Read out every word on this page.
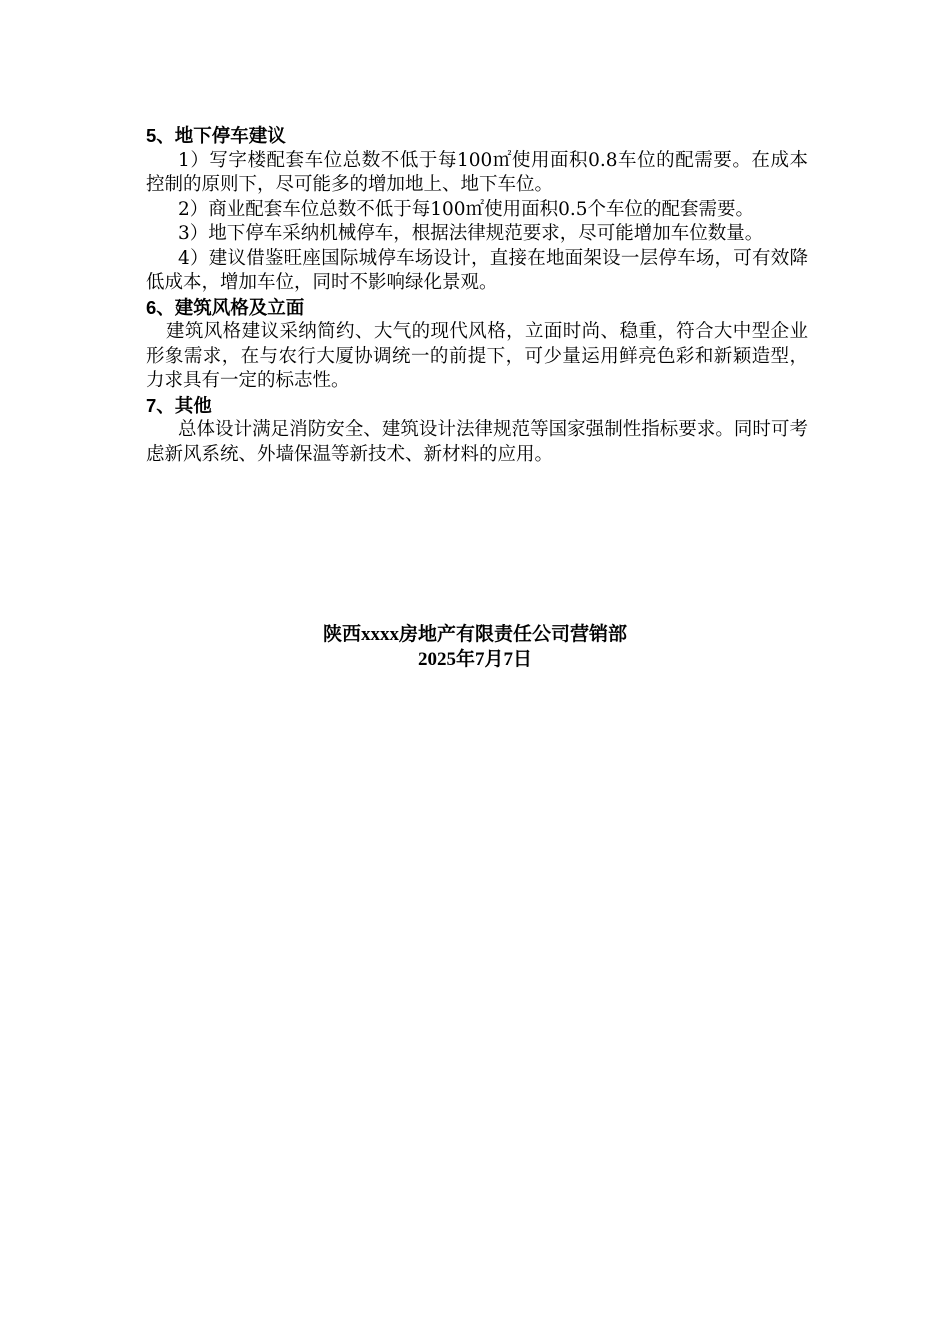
5、地下停车建议

1）写字楼配套车位总数不低于每100㎡使用面积0.8车位的配需要。在成本控制的原则下，尽可能多的增加地上、地下车位。

2）商业配套车位总数不低于每100㎡使用面积0.5个车位的配套需要。

3）地下停车采纳机械停车，根据法律规范要求，尽可能增加车位数量。

4）建议借鉴旺座国际城停车场设计，直接在地面架设一层停车场，可有效降低成本，增加车位，同时不影响绿化景观。

6、建筑风格及立面

建筑风格建议采纳简约、大气的现代风格，立面时尚、稳重，符合大中型企业形象需求，在与农行大厦协调统一的前提下，可少量运用鲜亮色彩和新颖造型，力求具有一定的标志性。

7、其他

总体设计满足消防安全、建筑设计法律规范等国家强制性指标要求。同时可考虑新风系统、外墙保温等新技术、新材料的应用。

陕西xxxx房地产有限责任公司营销部
2025年7月7日
